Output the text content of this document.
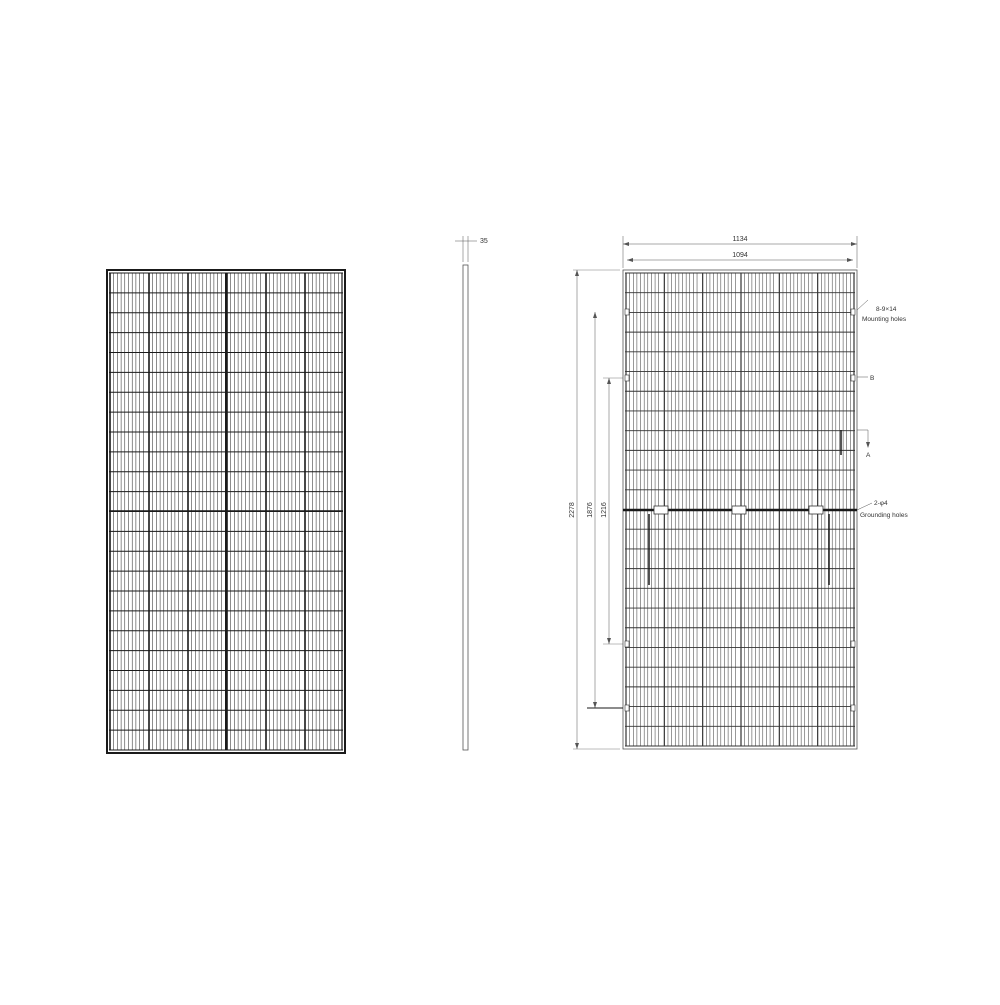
35	1134
1094
2278 1876 1216
8-9×14
Mounting holes
B
A
2-φ4
Grounding holes
